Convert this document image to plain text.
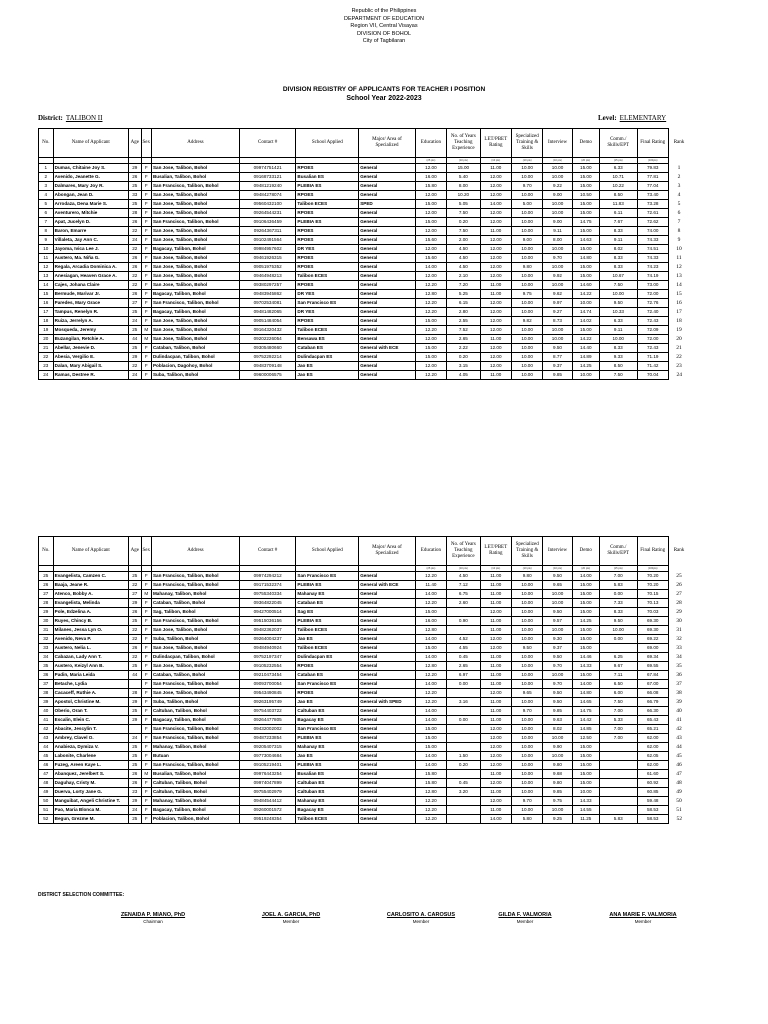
Republic of the Philippines
DEPARTMENT OF EDUCATION
Region VII, Central Visayas
DIVISION OF BOHOL
City of Tagbilaran
DIVISION REGISTRY OF APPLICANTS FOR TEACHER I POSITION
School Year 2022-2023
District: TALIBON II	Level: ELEMENTARY
No.	Name of Applicant	Age	Sex	Address	Contact #	School Applied	Major/ Area of Specialized	Education	No. of Years Teaching Experience	LET/PBET Rating	Specialized Training & Skills	Interview	Demo	Comm./ Skills/EPT	Final Rating	Rank
								(25 pts)	(10 pts)	(10 pts)	(10 pts)	(10 pts)	(20 pts)	(15 pts)	(100pts)	
1	Dumas, Chitaine Joy S.	29	F	San Jose, Talibon, Bohol	09974751421	RPOES	General	12.00	15.00	11.00	10.00	10.00	15.00	6.33	79.83	1
2	Avenido, Jeanette G.	26	F	Busalian, Talibon, Bohol	09168733121	Busalian ES	General	16.00	5.40	12.00	10.00	10.00	15.00	10.71	77.81	2
3	Dalmares, Mary Joy R.	25	F	San Francisco, Talibon, Bohol	09481219240	PLEBIA ES	General	15.80	8.00	12.00	9.70	9.22	15.00	10.22	77.04	3
4	Abongan, Jean D.	33	F	San Jose, Talibon, Bohol	09484278074	RPOES	General	12.00	10.20	12.00	10.00	9.00	10.50	8.50	73.40	4
5	Arrodaza, Dena Marie S.	25	F	San Jose, Talibon, Bohol	09560432100	Talibon ECES	SPED	15.00	5.05	14.00	5.00	10.00	15.00	11.83	73.28	5
6	Aventurero, Mitchie	28	F	San Jose, Talibon, Bohol	09264544231	RPOES	General	12.00	7.50	12.00	10.00	10.00	15.00	6.11	72.61	6
7	Apat, Jucelyn D.	26	F	San Francisco, Talibon, Bohol	09106436459	PLEBIA ES	General	15.00	0.20	12.00	10.00	9.00	14.75	7.67	72.62	7
8	Baron, Emarre	22	F	San Jose, Talibon, Bohol	09264367311	RPOES	General	12.00	7.50	11.00	10.00	9.11	15.00	8.33	74.00	8
9	Villaleta, Jay Ann C.	24	F	San Jose, Talibon, Bohol	09102491564	RPOES	General	15.60	2.00	12.00	9.00	8.00	14.63	9.11	74.33	9
10	Jayoma, Ivica Lee J.	22	F	Bagacay, Talibon, Bohol	09984957602	DR YES	General	12.00	4.50	12.00	10.00	10.00	15.00	8.02	74.51	10
11	Austero, Ma. Niña G.	26	F	San Jose, Talibon, Bohol	09461926315	RPOES	General	15.60	4.50	12.00	10.00	9.70	14.80	8.33	74.33	11
12	Regala, Arcadia Dominica A.	26	F	San Jose, Talibon, Bohol	09051975352	RPOES	General	14.00	4.50	12.00	9.80	10.00	15.00	8.33	74.23	12
13	Anesiagan, Heaven Grace A.	22	F	San Jose, Talibon, Bohol	09464948213	Talibon ECES	General	12.00	2.10	12.00	10.00	9.92	15.00	10.67	74.19	13
14	Cajes, Johana Claire	22	F	San Jose, Talibon, Bohol	09380297257	RPOES	General	12.20	7.20	11.00	10.00	10.00	14.60	7.50	73.00	14
15	Bermude, Marivar Jr.	26	F	Bagacay, Talibon, Bohol	09483945862	DR YES	General	12.80	5.25	11.00	9.75	9.62	14.22	10.00	72.00	15
16	Paredes, Mary Grace	27	F	San Francisco, Talibon, Bohol	09702534081	San Francisco ES	General	12.20	6.15	12.00	10.00	9.97	10.00	9.50	72.76	16
17	Tampus, Renelyn R.	25	F	Bagacay, Talibon, Bohol	09481482065	DR YES	General	12.20	2.80	12.00	10.00	9.27	14.74	10.33	72.40	17
18	Ruiza, Jerrelyn A.	24	F	San Jose, Talibon, Bohol	09051484054	RPOES	General	15.00	2.55	12.00	9.82	8.73	14.02	6.33	72.43	18
19	Mosqueda, Jeremy	25	M	San Jose, Talibon, Bohol	09164320432	Talibon ECES	General	12.20	7.52	12.00	10.00	10.00	15.00	9.11	72.09	19
20	Buzangilan, Retchie A.	44	M	San Jose, Talibon, Bohol	09202226054	Bensawa ES	General	12.00	2.65	11.00	10.00	10.00	14.22	10.00	72.00	20
21	Abellar, Jenevie D.	25	F	Cataban, Talibon, Bohol	09305480660	Cataban ES	General with ECE	15.00	2.22	12.00	10.00	9.50	14.40	8.33	72.43	21
22	Abesia, Vergilio E.	29	F	Dulindacpan, Talibon, Bohol	09752292214	Dulindacpan ES	General	15.00	0.20	12.00	10.00	8.77	14.89	9.33	71.19	22
23	Dalan, Mary Abigail S.	22	F	Poblacion, Dagohoy, Bohol	09483709148	Jao ES	General	12.00	3.15	12.00	10.00	9.37	14.25	8.50	71.42	23
24	Ramas, Destree R.	24	F	Suba, Talibon, Bohol	09600006575	Jao ES	General	12.20	4.05	11.00	10.00	9.85	10.00	7.50	70.04	24
No.	Name of Applicant	Age	Sex	Address	Contact #	School Applied	Major/ Area of Specialized	Education	No. of Years Teaching Experience	LET/PBET Rating	Specialized Training & Skills	Interview	Demo	Comm./ Skills/EPT	Final Rating	Rank
								(25 pts)	(10 pts)	(10 pts)	(10 pts)	(10 pts)	(20 pts)	(15 pts)	(100pts)	
25	Evangelista, Camzen C.	25	F	San Francisco, Talibon, Bohol	09974294212	San Francisco ES	General	12.20	4.50	11.00	9.80	9.50	14.00	7.00	70.20	25
26	Baaja, Jeane R.	22	F	San Francisco, Talibon, Bohol	09171532374	PLEBIA ES	General with ECE	11.40	7.12	11.00	10.00	9.65	15.00	5.83	70.20	26
27	Atenco, Bobby A.	27	M	Mahanay, Talibon, Bohol	09755340334	Mahanay ES	General	14.00	6.75	11.00	10.00	10.00	15.00	0.00	70.15	27
28	Evangelista, Melinda	29	F	Cataban, Talibon, Bohol	09364822045	Cataban ES	General	12.20	2.60	11.00	10.00	10.00	15.00	7.33	70.13	28
29	Pole, Edzelina A.	26	F	Sag, Talibon, Bohol	09427000514	Sag ES	General	15.00		12.00	10.00	9.50	15.00	8.33	70.03	29
30	Ruyes, Chincy B.	25	F	San Francisco, Talibon, Bohol	09515036156	PLEBIA ES	General	16.00	0.90	11.00	10.00	9.57	14.25	9.50	69.30	30
31	Milanes, Jessa Lyn O.	22	F	San Jose, Talibon, Bohol	09482362037	Talibon ECES	General	12.80		11.00	10.00	10.00	15.00	10.00	69.30	31
32	Avenido, Neva P.	22	F	Suba, Talibon, Bohol	09264004237	Jao ES	General	14.00	4.52	12.00	10.00	9.30	15.00	0.00	69.22	32
33	Austero, Nelia L.	26	F	San Jose, Talibon, Bohol	09484940924	Talibon ECES	General	15.00	4.55	12.00	9.50	9.37	15.00		69.00	33
34	Cabazan, Lady Ann T.	22	F	Dulindacpan, Talibon, Bohol	09752197347	Dulindacpan ES	General	14.00	0.45	11.00	10.00	9.50	14.46	6.25	69.34	34
35	Austero, Keizyl Ann B.	25	F	San Jose, Talibon, Bohol	09105232554	RPOES	General	12.80	2.65	11.00	10.00	9.70	14.33	9.67	69.55	35
36	Padin, Maria Leida	44	F	Cataban, Talibon, Bohol	09210473454	Cataban ES	General	12.20	6.97	11.00	10.00	10.00	15.00	7.11	67.84	36
37	Betache, Lydia		F	San Francisco, Talibon, Bohol	09093700054	San Francisco ES	General	14.00	0.00	11.00	10.00	9.70	14.00	6.50	67.00	37
38	Cacaceff, Ruthie A.	28	F	San Jose, Talibon, Bohol	09543490845	RPOES	General	12.20		12.00	9.65	9.50	14.80	6.00	66.08	38
39	Apostol, Christine M.	29	F	Suba, Talibon, Bohol	09263195749	Jao ES	General with SPED	12.20	3.16	11.00	10.00	9.50	14.65	7.50	66.79	39
40	Oberio, Oran T.	25	F	Caltuban, Talibon, Bohol	09754403722	Caltuban ES	General	14.00		11.00	9.70	9.85	14.75	7.00	66.30	40
41	Escalin, Elein C.	29	F	Bagacay, Talibon, Bohol	09264477805	Bagacay ES	General	14.00	0.00	11.00	10.00	9.63	14.42	5.33	65.43	41
42	Abacite, Jescylin T.		F	San Francisco, Talibon, Bohol	09432002002	San Francisco ES	General	15.00		12.00	10.00	8.02	14.85	7.00	65.21	42
43	Ambrey, Clavel O.	24	F	San Francisco, Talibon, Bohol	09487233854	PLEBIA ES	General	15.00		12.00	10.00	10.00	12.50	7.00	62.00	43
44	Anabieza, Dymiza V.	25	F	Mahanay, Talibon, Bohol	09205407315	Mahanay ES	General	15.00		12.00	10.00	9.90	15.00		62.00	44
45	Labonite, Charlene	25	F	Butuan	09773004684	Jao ES	General	14.00	1.50	12.00	10.00	10.00	15.00		62.05	45
46	Fuzeg, Areen Kaye L.	25	F	San Francisco, Talibon, Bohol	09105219401	PLEBIA ES	General	14.00	0.20	12.00	10.00	9.80	15.00		62.00	46
47	Abanquez, Jerelbert S.	26	M	Busalian, Talibon, Bohol	09976443254	Busalian ES	General	15.80		11.00	10.00	9.68	15.00		61.60	47
48	Daguhay, Cristy M.	26	F	Caltuban, Talibon, Bohol	09974047899	Caltuban ES	General	15.80	0.45	12.00	10.00	9.80	15.00		60.92	48
49	Duerva, Lorty Jane G.	23	F	Caltuban, Talibon, Bohol	09755402979	Caltuban ES	General	12.80	3.20	11.00	10.00	9.85	10.00		60.85	49
50	Manguibat, Angeli Christine T.	29	F	Mahanay, Talibon, Bohol	09484544412	Mahanay ES	General	12.20		12.00	9.70	9.75	14.33		59.48	50
51	Pao, Maria Blonca M.	24	F	Bagacay, Talibon, Bohol	09260001572	Bagacay ES	General	12.20		11.00	10.00	10.00	14.55		58.53	51
52	Begun, Grezme M.	25	F	Poblacion, Talibon, Bohol	09519248354	Talibon ECES	General	12.20		14.00	5.80	9.25	11.25	5.83	58.53	52
DISTRICT SELECTION COMMITTEE:
ZENAIDA P. MIANO, PhD
Chairman
JOEL A. GARCIA, PhD
Member
CARLOSITO A. CAROSUS
Member
GILDA F. VALMORIA
Member
ANA MARIE F. VALMORIA
Member
